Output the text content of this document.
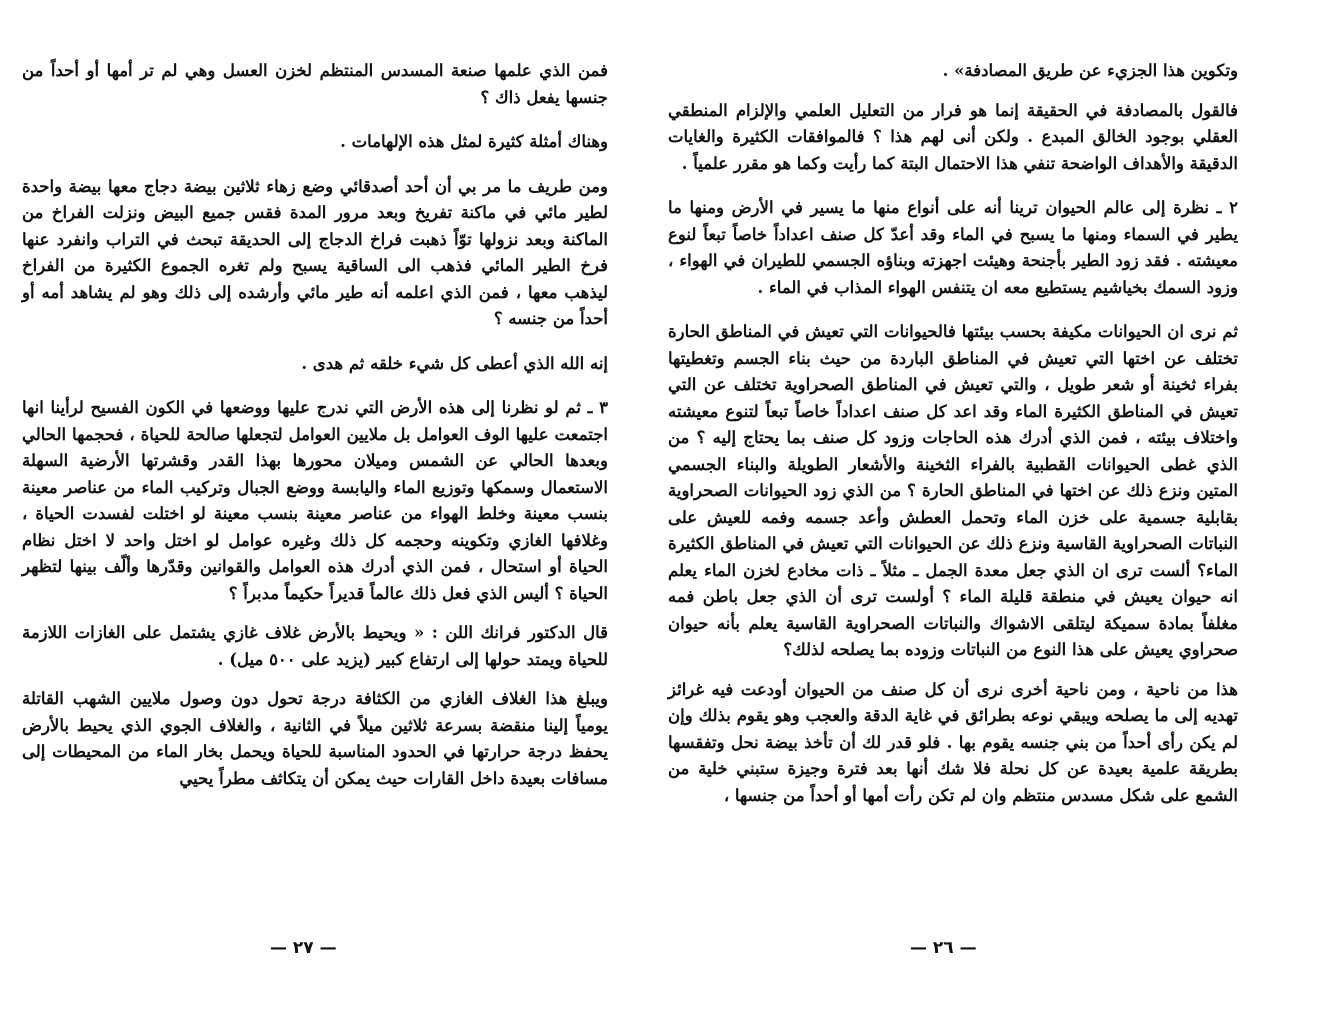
فمن الذي علمها صنعة المسدس المنتظم لخزن العسل وهي لم تر أمها أو أحداً من جنسها يفعل ذاك ؟

وهناك أمثلة كثيرة لمثل هذه الإلهامات .

ومن طريف ما مر بي أن أحد أصدقائي وضع زهاء ثلاثين بيضة دجاج معها بيضة واحدة لطير مائي في ماكنة تفريخ وبعد مرور المدة فقس جميع البيض ونزلت الفراخ من الماكنة وبعد نزولها توّاً ذهبت فراخ الدجاج إلى الحديقة تبحث في التراب وانفرد عنها فرخ الطير المائي فذهب الى الساقية يسبح ولم تغره الجموع الكثيرة من الفراخ ليذهب معها ، فمن الذي اعلمه أنه طير مائي وأرشده إلى ذلك وهو لم يشاهد أمه أو أحداً من جنسه ؟

إنه الله الذي أعطى كل شيء خلقه ثم هدى .

٣ ـ ثم لو نظرنا إلى هذه الأرض التي ندرج عليها ووضعها في الكون الفسيح لرأينا انها اجتمعت عليها الوف العوامل بل ملايين العوامل لتجعلها صالحة للحياة ، فحجمها الحالي وبعدها الحالي عن الشمس وميلان محورها بهذا القدر وقشرتها الأرضية السهلة الاستعمال وسمكها وتوزيع الماء واليابسة ووضع الجبال وتركيب الماء من عناصر معينة بنسب معينة وخلط الهواء من عناصر معينة بنسب معينة لو اختلت لفسدت الحياة ، وغلافها الغازي وتكوينه وحجمه كل ذلك وغيره عوامل لو اختل واحد لا اختل نظام الحياة أو استحال ، فمن الذي أدرك هذه العوامل والقوانين وقدّرها وألّف بينها لتظهر الحياة ؟ أليس الذي فعل ذلك عالماً قديراً حكيماً مدبراً ؟

قال الدكتور فرانك اللن : « ويحيط بالأرض غلاف غازي يشتمل على الغازات اللازمة للحياة ويمتد حولها إلى ارتفاع كبير (يزيد على ٥٠٠ ميل) .

ويبلغ هذا الغلاف الغازي من الكثافة درجة تحول دون وصول ملايين الشهب القاتلة يومياً إلينا منقضة بسرعة ثلاثين ميلاً في الثانية ، والغلاف الجوي الذي يحيط بالأرض يحفظ درجة حرارتها في الحدود المناسبة للحياة ويحمل بخار الماء من المحيطات إلى مسافات بعيدة داخل القارات حيث يمكن أن يتكاثف مطراً يحيي

— ٢٧ —

وتكوين هذا الجزيء عن طريق المصادفة» .

فالقول بالمصادفة في الحقيقة إنما هو فرار من التعليل العلمي والإلزام المنطقي العقلي بوجود الخالق المبدع . ولكن أنى لهم هذا ؟ فالموافقات الكثيرة والغايات الدقيقة والأهداف الواضحة تنفي هذا الاحتمال البتة كما رأيت وكما هو مقرر علمياً .

٢ ـ نظرة إلى عالم الحيوان ترينا أنه على أنواع منها ما يسير في الأرض ومنها ما يطير في السماء ومنها ما يسبح في الماء وقد أعدّ كل صنف اعداداً خاصاً تبعاً لنوع معيشته . فقد زود الطير بأجنحة وهيئت اجهزته وبناؤه الجسمي للطيران في الهواء ، وزود السمك بخياشيم يستطيع معه ان يتنفس الهواء المذاب في الماء .

ثم نرى ان الحيوانات مكيفة بحسب بيئتها فالحيوانات التي تعيش في المناطق الحارة تختلف عن اختها التي تعيش في المناطق الباردة من حيث بناء الجسم وتغطيتها بفراء ثخينة أو شعر طويل ، والتي تعيش في المناطق الصحراوية تختلف عن التي تعيش في المناطق الكثيرة الماء وقد اعد كل صنف اعداداً خاصاً تبعاً لتنوع معيشته واختلاف بيئته ، فمن الذي أدرك هذه الحاجات وزود كل صنف بما يحتاج إليه ؟ من الذي غطى الحيوانات القطبية بالفراء الثخينة والأشعار الطويلة والبناء الجسمي المتين ونزع ذلك عن اختها في المناطق الحارة ؟ من الذي زود الحيوانات الصحراوية بقابلية جسمية على خزن الماء وتحمل العطش وأعد جسمه وفمه للعيش على النباتات الصحراوية القاسية ونزع ذلك عن الحيوانات التي تعيش في المناطق الكثيرة الماء؟ ألست ترى ان الذي جعل معدة الجمل ـ مثلاً ـ ذات مخادع لخزن الماء يعلم انه حيوان يعيش في منطقة قليلة الماء ؟ أولست ترى أن الذي جعل باطن فمه مغلفاً بمادة سميكة ليتلقى الاشواك والنباتات الصحراوية القاسية يعلم بأنه حيوان صحراوي يعيش على هذا النوع من النباتات وزوده بما يصلحه لذلك؟

هذا من ناحية ، ومن ناحية أخرى نرى أن كل صنف من الحيوان أودعت فيه غرائز تهديه إلى ما يصلحه ويبقي نوعه بطرائق في غاية الدقة والعجب وهو يقوم بذلك وإن لم يكن رأى أحداً من بني جنسه يقوم بها . فلو قدر لك أن تأخذ بيضة نحل وتفقسها بطريقة علمية بعيدة عن كل نحلة فلا شك أنها بعد فترة وجيزة ستبني خلية من الشمع على شكل مسدس منتظم وان لم تكن رأت أمها أو أحداً من جنسها ،

— ٢٦ —
